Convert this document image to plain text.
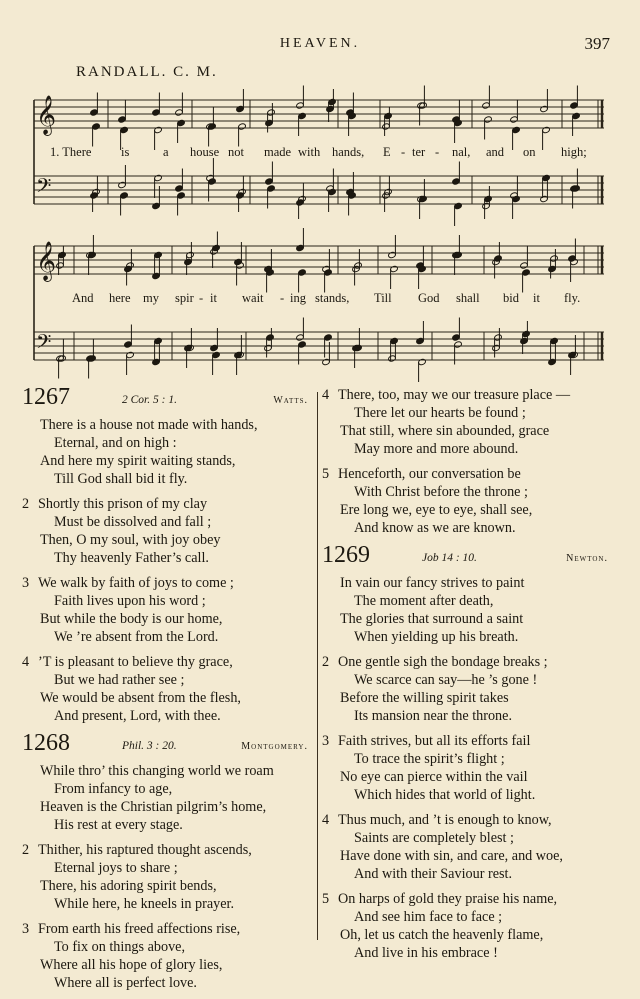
HEAVEN.	397
RANDALL. C. M.
𝄞
𝄢
1. There is	a house not made with hands, E - ter - nal, and on high;
𝄞
𝄢
And here my spir - it wait - ing stands, Till God shall bid it fly.
1267	2 Cor. 5 : 1.	Watts.
There is a house not made with hands,
Eternal, and on high :
And here my spirit waiting stands,
Till God shall bid it fly.
2 Shortly this prison of my clay
Must be dissolved and fall ;
Then, O my soul, with joy obey
Thy heavenly Father’s call.
3 We walk by faith of joys to come ;
Faith lives upon his word ;
But while the body is our home,
We ’re absent from the Lord.
4 ’T is pleasant to believe thy grace,
But we had rather see ;
We would be absent from the flesh,
And present, Lord, with thee.
1268	Phil. 3 : 20.	Montgomery.
While thro’ this changing world we roam
From infancy to age,
Heaven is the Christian pilgrim’s home,
His rest at every stage.
2 Thither, his raptured thought ascends,
Eternal joys to share ;
There, his adoring spirit bends,
While here, he kneels in prayer.
3 From earth his freed affections rise,
To fix on things above,
Where all his hope of glory lies,
Where all is perfect love.
4 There, too, may we our treasure place —
There let our hearts be found ;
That still, where sin abounded, grace
May more and more abound.
5 Henceforth, our conversation be
With Christ before the throne ;
Ere long we, eye to eye, shall see,
And know as we are known.
1269	Job 14 : 10.	Newton.
In vain our fancy strives to paint
The moment after death,
The glories that surround a saint
When yielding up his breath.
2 One gentle sigh the bondage breaks ;
We scarce can say—he ’s gone !
Before the willing spirit takes
Its mansion near the throne.
3 Faith strives, but all its efforts fail
To trace the spirit’s flight ;
No eye can pierce within the vail
Which hides that world of light.
4 Thus much, and ’t is enough to know,
Saints are completely blest ;
Have done with sin, and care, and woe,
And with their Saviour rest.
5 On harps of gold they praise his name,
And see him face to face ;
Oh, let us catch the heavenly flame,
And live in his embrace !
